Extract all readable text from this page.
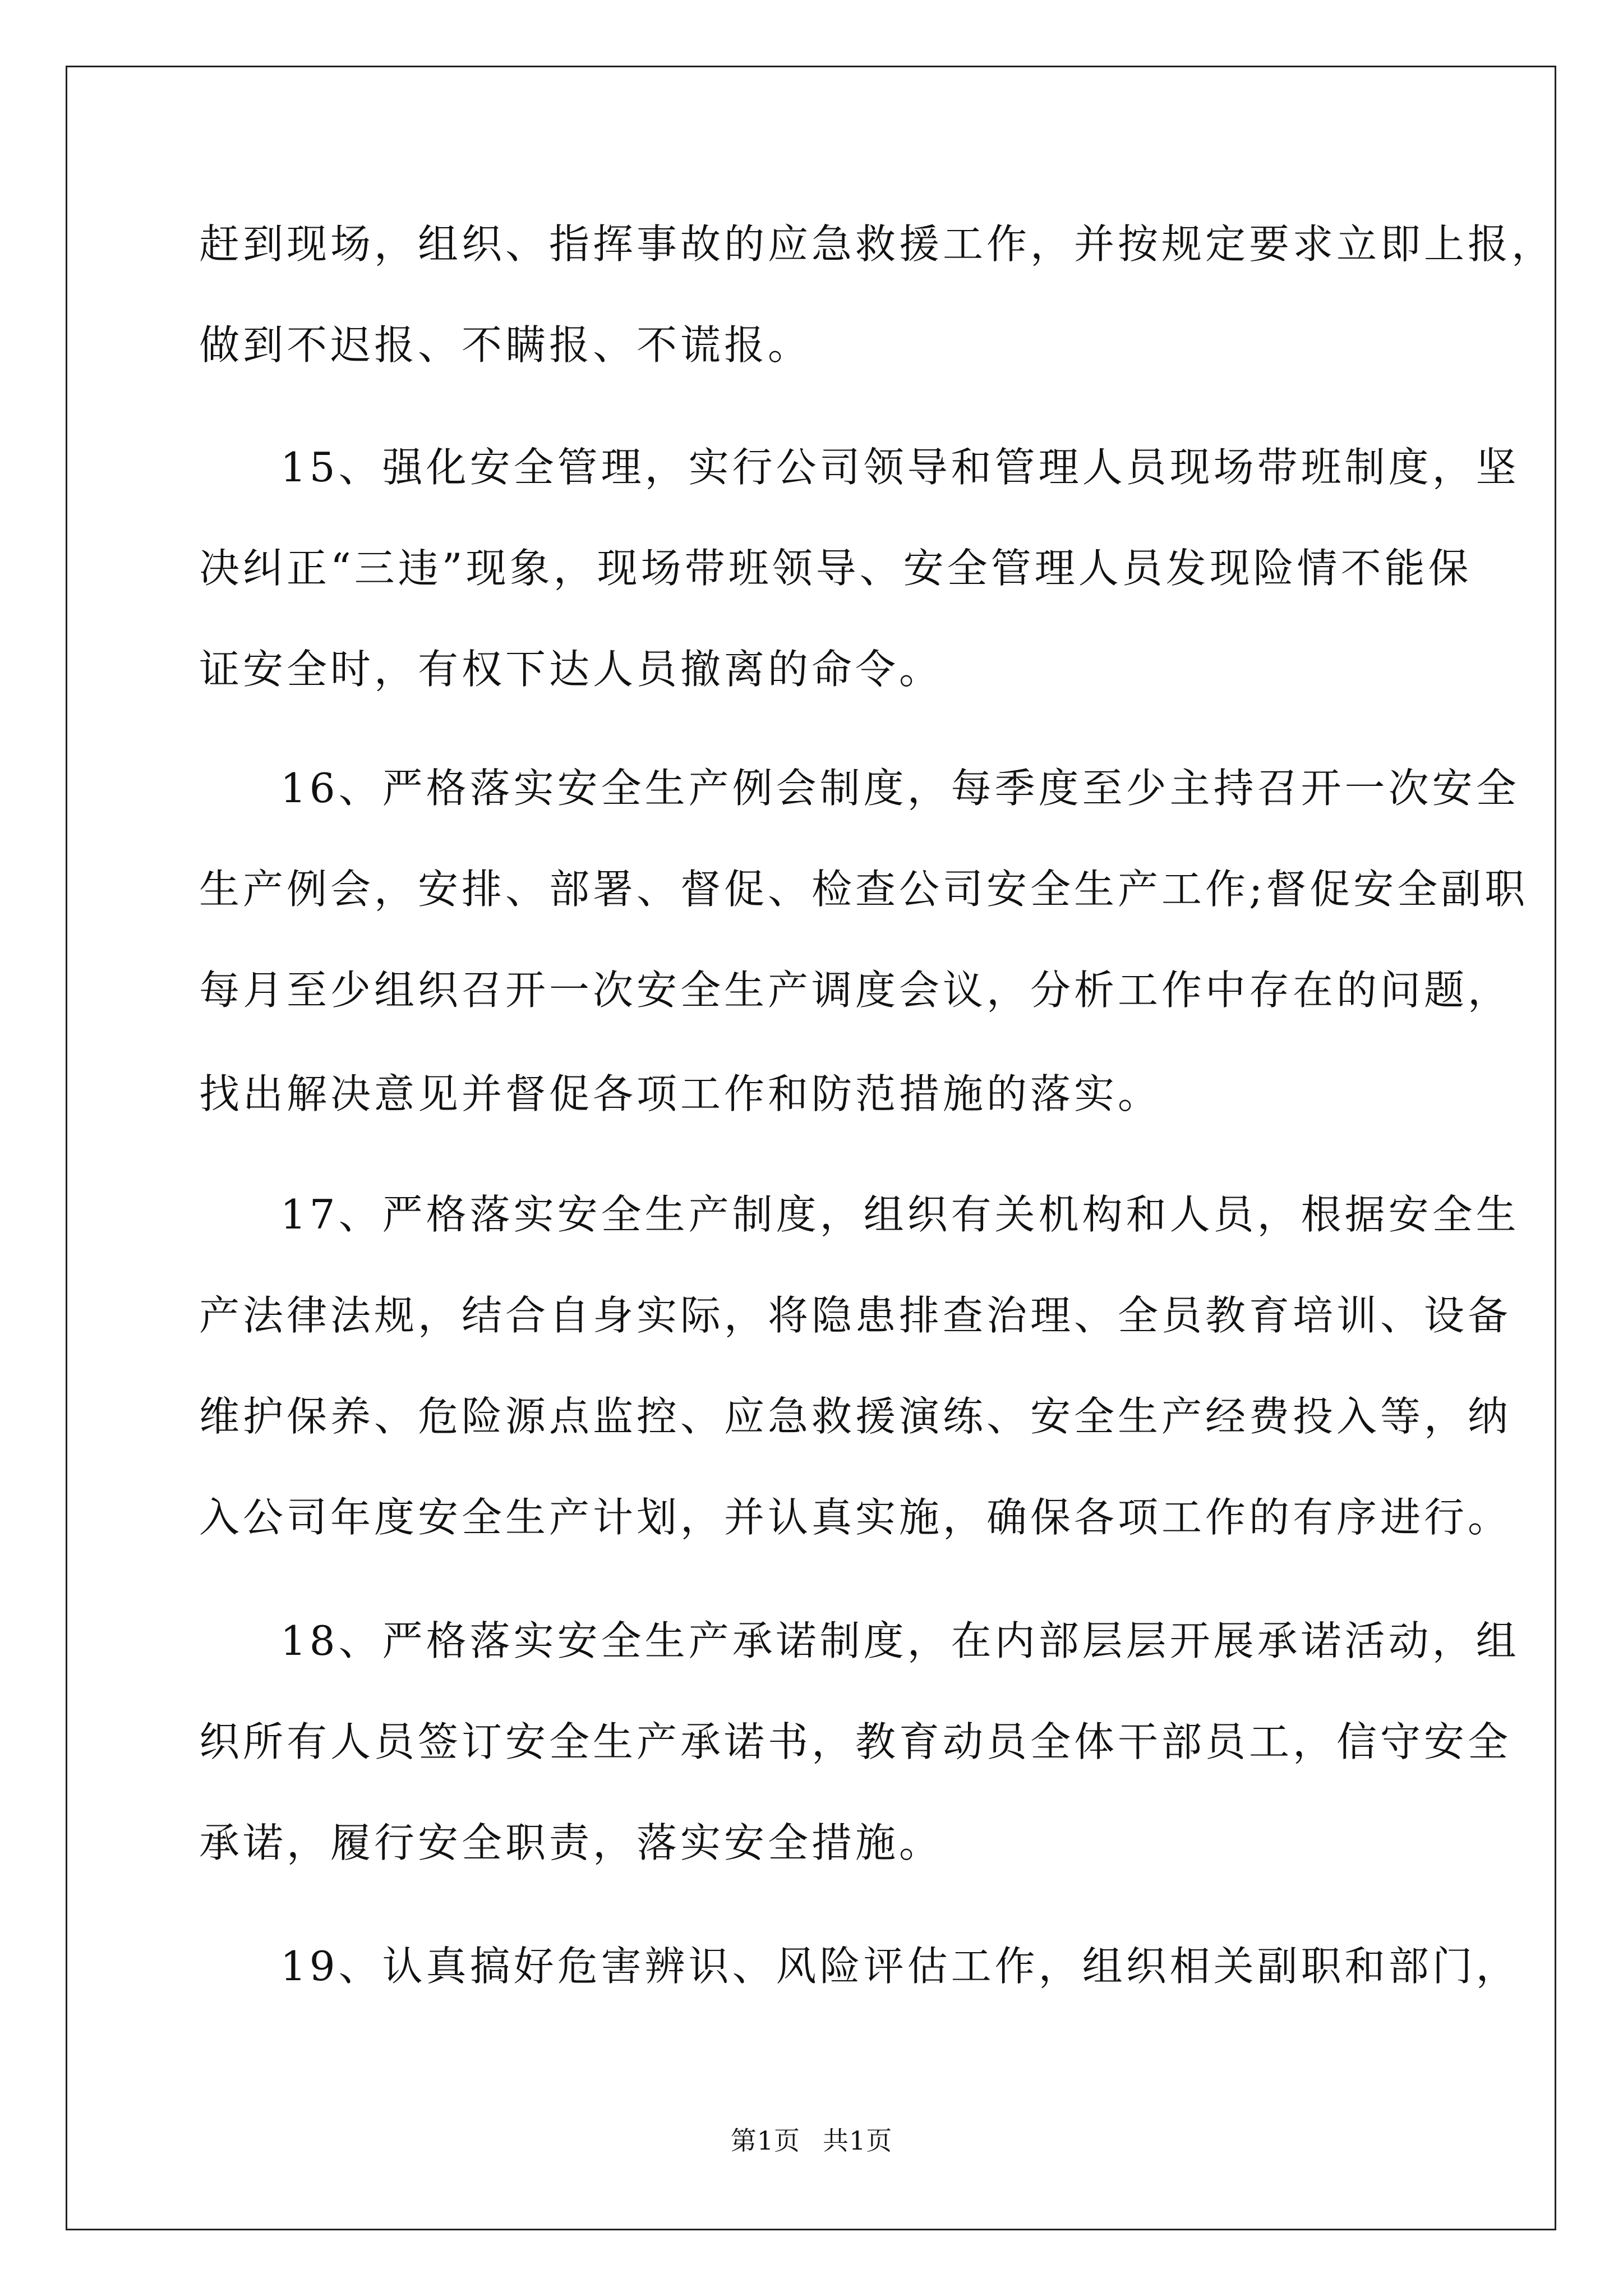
赶到现场，组织、指挥事故的应急救援工作，并按规定要求立即上报，
做到不迟报、不瞒报、不谎报。
15、强化安全管理，实行公司领导和管理人员现场带班制度，坚
决纠正“三违”现象，现场带班领导、安全管理人员发现险情不能保
证安全时，有权下达人员撤离的命令。
16、严格落实安全生产例会制度，每季度至少主持召开一次安全
生产例会，安排、部署、督促、检查公司安全生产工作;督促安全副职
每月至少组织召开一次安全生产调度会议，分析工作中存在的问题，
找出解决意见并督促各项工作和防范措施的落实。
17、严格落实安全生产制度，组织有关机构和人员，根据安全生
产法律法规，结合自身实际，将隐患排查治理、全员教育培训、设备
维护保养、危险源点监控、应急救援演练、安全生产经费投入等，纳
入公司年度安全生产计划，并认真实施，确保各项工作的有序进行。
18、严格落实安全生产承诺制度，在内部层层开展承诺活动，组
织所有人员签订安全生产承诺书，教育动员全体干部员工，信守安全
承诺，履行安全职责，落实安全措施。
19、认真搞好危害辨识、风险评估工作，组织相关副职和部门，
第1页 共1页
